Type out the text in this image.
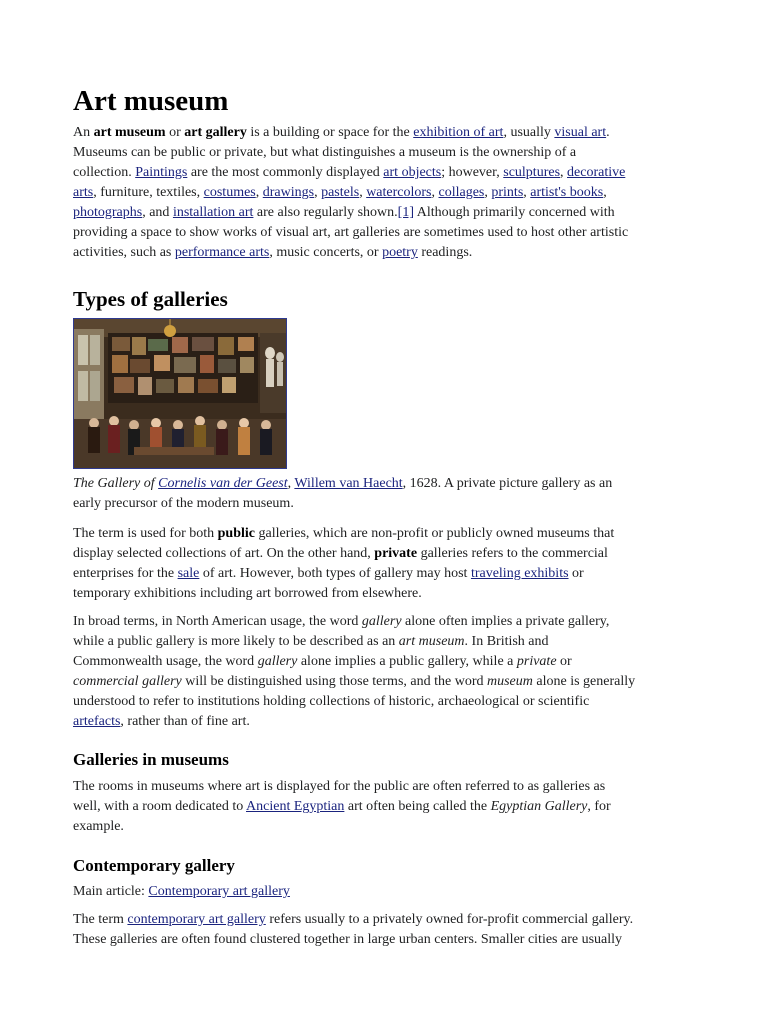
Art museum
An art museum or art gallery is a building or space for the exhibition of art, usually visual art.
Museums can be public or private, but what distinguishes a museum is the ownership of a
collection. Paintings are the most commonly displayed art objects; however, sculptures, decorative
arts, furniture, textiles, costumes, drawings, pastels, watercolors, collages, prints, artist's books,
photographs, and installation art are also regularly shown.[1] Although primarily concerned with
providing a space to show works of visual art, art galleries are sometimes used to host other artistic
activities, such as performance arts, music concerts, or poetry readings.
Types of galleries
The Gallery of Cornelis van der Geest, Willem van Haecht, 1628. A private picture gallery as an
early precursor of the modern museum.
The term is used for both public galleries, which are non-profit or publicly owned museums that
display selected collections of art. On the other hand, private galleries refers to the commercial
enterprises for the sale of art. However, both types of gallery may host traveling exhibits or
temporary exhibitions including art borrowed from elsewhere.
In broad terms, in North American usage, the word gallery alone often implies a private gallery,
while a public gallery is more likely to be described as an art museum. In British and
Commonwealth usage, the word gallery alone implies a public gallery, while a private or
commercial gallery will be distinguished using those terms, and the word museum alone is generally
understood to refer to institutions holding collections of historic, archaeological or scientific
artefacts, rather than of fine art.
Galleries in museums
The rooms in museums where art is displayed for the public are often referred to as galleries as
well, with a room dedicated to Ancient Egyptian art often being called the Egyptian Gallery, for
example.
Contemporary gallery
Main article: Contemporary art gallery
The term contemporary art gallery refers usually to a privately owned for-profit commercial gallery.
These galleries are often found clustered together in large urban centers. Smaller cities are usually
